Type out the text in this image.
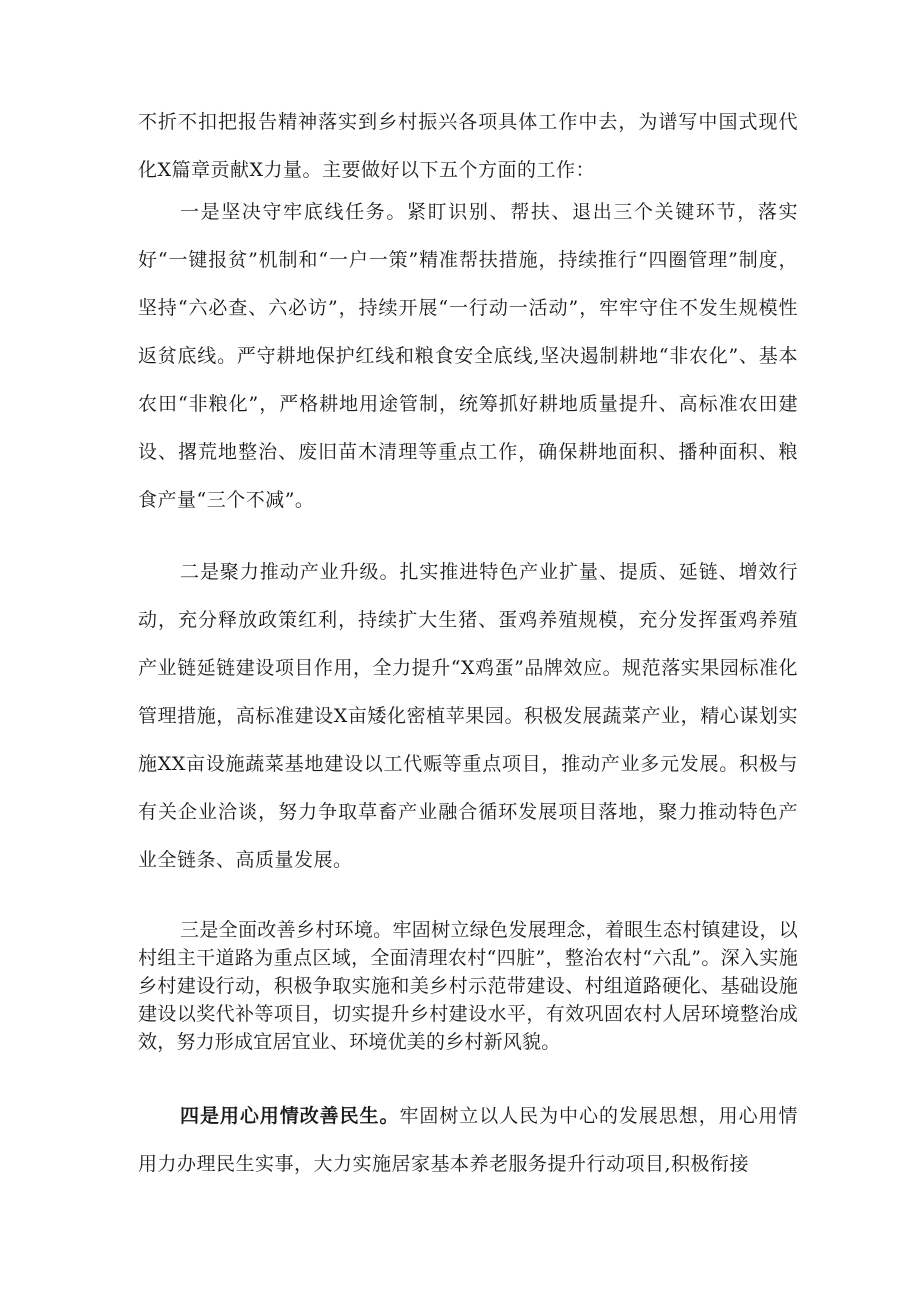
不折不扣把报告精神落实到乡村振兴各项具体工作中去，为谱写中国式现代化X篇章贡献X力量。主要做好以下五个方面的工作：

一是坚决守牢底线任务。紧盯识别、帮扶、退出三个关键环节，落实好“一键报贫”机制和“一户一策”精准帮扶措施，持续推行“四圈管理”制度，坚持“六必查、六必访”，持续开展“一行动一活动”，牢牢守住不发生规模性返贫底线。严守耕地保护红线和粮食安全底线,坚决遏制耕地“非农化”、基本农田“非粮化”，严格耕地用途管制，统筹抓好耕地质量提升、高标准农田建设、撂荒地整治、废旧苗木清理等重点工作，确保耕地面积、播种面积、粮食产量“三个不减”。

二是聚力推动产业升级。扎实推进特色产业扩量、提质、延链、增效行动，充分释放政策红利，持续扩大生猪、蛋鸡养殖规模，充分发挥蛋鸡养殖产业链延链建设项目作用，全力提升“X鸡蛋”品牌效应。规范落实果园标准化管理措施，高标准建设X亩矮化密植苹果园。积极发展蔬菜产业，精心谋划实施XX亩设施蔬菜基地建设以工代赈等重点项目，推动产业多元发展。积极与有关企业洽谈，努力争取草畜产业融合循环发展项目落地，聚力推动特色产业全链条、高质量发展。

三是全面改善乡村环境。牢固树立绿色发展理念，着眼生态村镇建设，以村组主干道路为重点区域，全面清理农村“四脏”，整治农村“六乱”。深入实施乡村建设行动，积极争取实施和美乡村示范带建设、村组道路硬化、基础设施建设以奖代补等项目，切实提升乡村建设水平，有效巩固农村人居环境整治成效，努力形成宜居宜业、环境优美的乡村新风貌。

四是用心用情改善民生。牢固树立以人民为中心的发展思想，用心用情用力办理民生实事，大力实施居家基本养老服务提升行动项目,积极衔接
